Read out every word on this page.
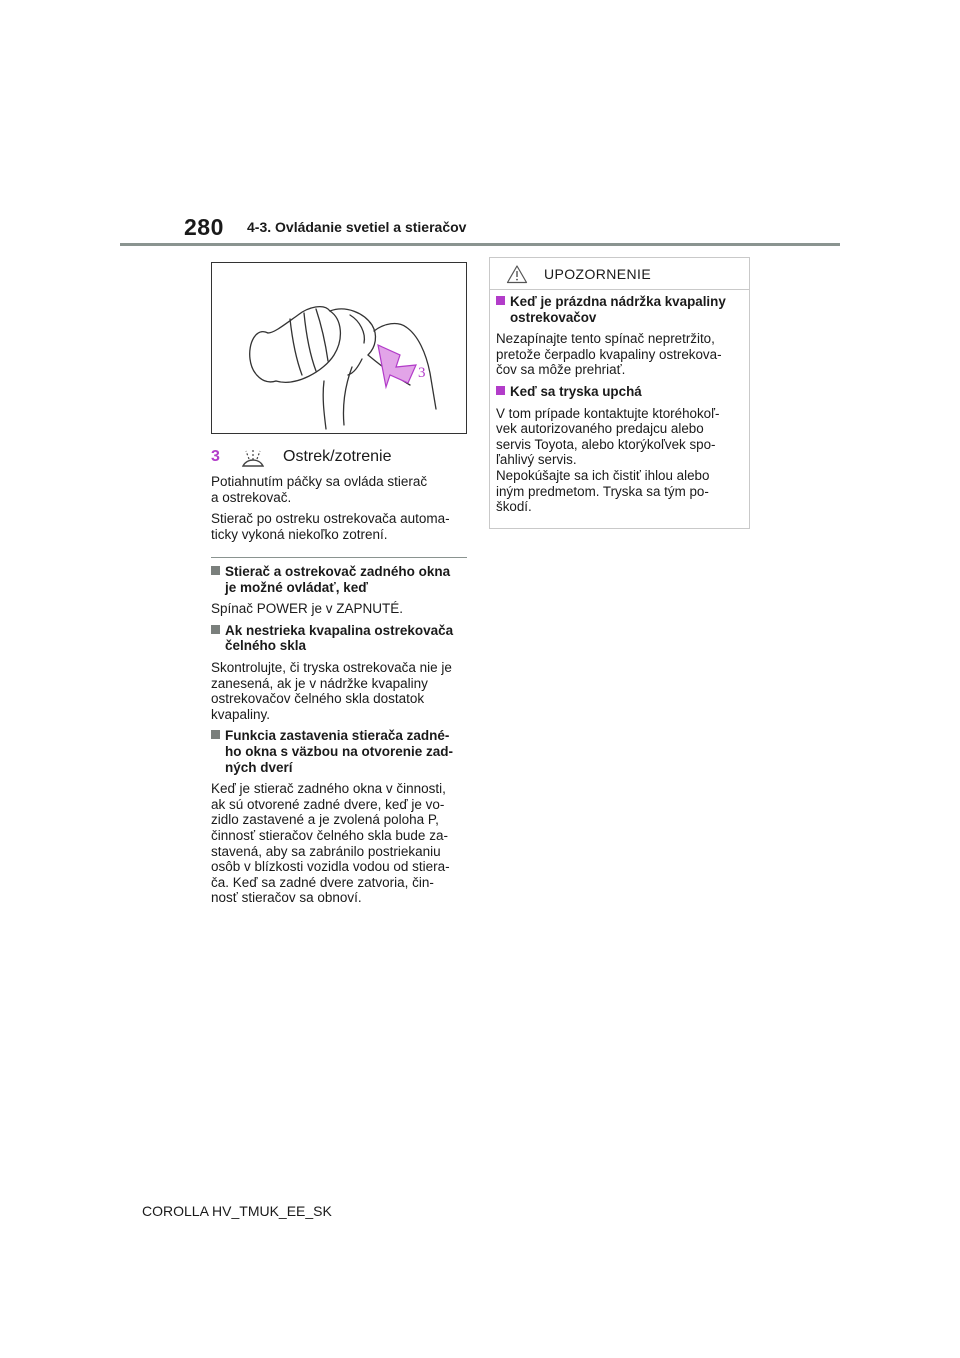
280 4-3. Ovládanie svetiel a stieračov
3
3	Ostrek/zotrenie

Potiahnutím páčky sa ovláda stierač
a ostrekovač.

Stierač po ostreku ostrekovača automa-
ticky vykoná niekoľko zotrení.

Stierač a ostrekovač zadného okna
je možné ovládať, keď

Spínač POWER je v ZAPNUTÉ.

Ak nestrieka kvapalina ostrekovača
čelného skla

Skontrolujte, či tryska ostrekovača nie je
zanesená, ak je v nádržke kvapaliny
ostrekovačov čelného skla dostatok
kvapaliny.

Funkcia zastavenia stierača zadné-
ho okna s väzbou na otvorenie zad-
ných dverí

Keď je stierač zadného okna v činnosti,
ak sú otvorené zadné dvere, keď je vo-
zidlo zastavené a je zvolená poloha P,
činnosť stieračov čelného skla bude za-
stavená, aby sa zabránilo postriekaniu
osôb v blízkosti vozidla vodou od stiera-
ča. Keď sa zadné dvere zatvoria, čin-
nosť stieračov sa obnoví.

UPOZORNENIE
Keď je prázdna nádržka kvapaliny
ostrekovačov

Nezapínajte tento spínač nepretržito,
pretože čerpadlo kvapaliny ostrekova-
čov sa môže prehriať.

Keď sa tryska upchá

V tom prípade kontaktujte ktoréhokoľ-
vek autorizovaného predajcu alebo
servis Toyota, alebo ktorýkoľvek spo-
ľahlivý servis.
Nepokúšajte sa ich čistiť ihlou alebo
iným predmetom. Tryska sa tým po-
škodí.

COROLLA HV_TMUK_EE_SK
